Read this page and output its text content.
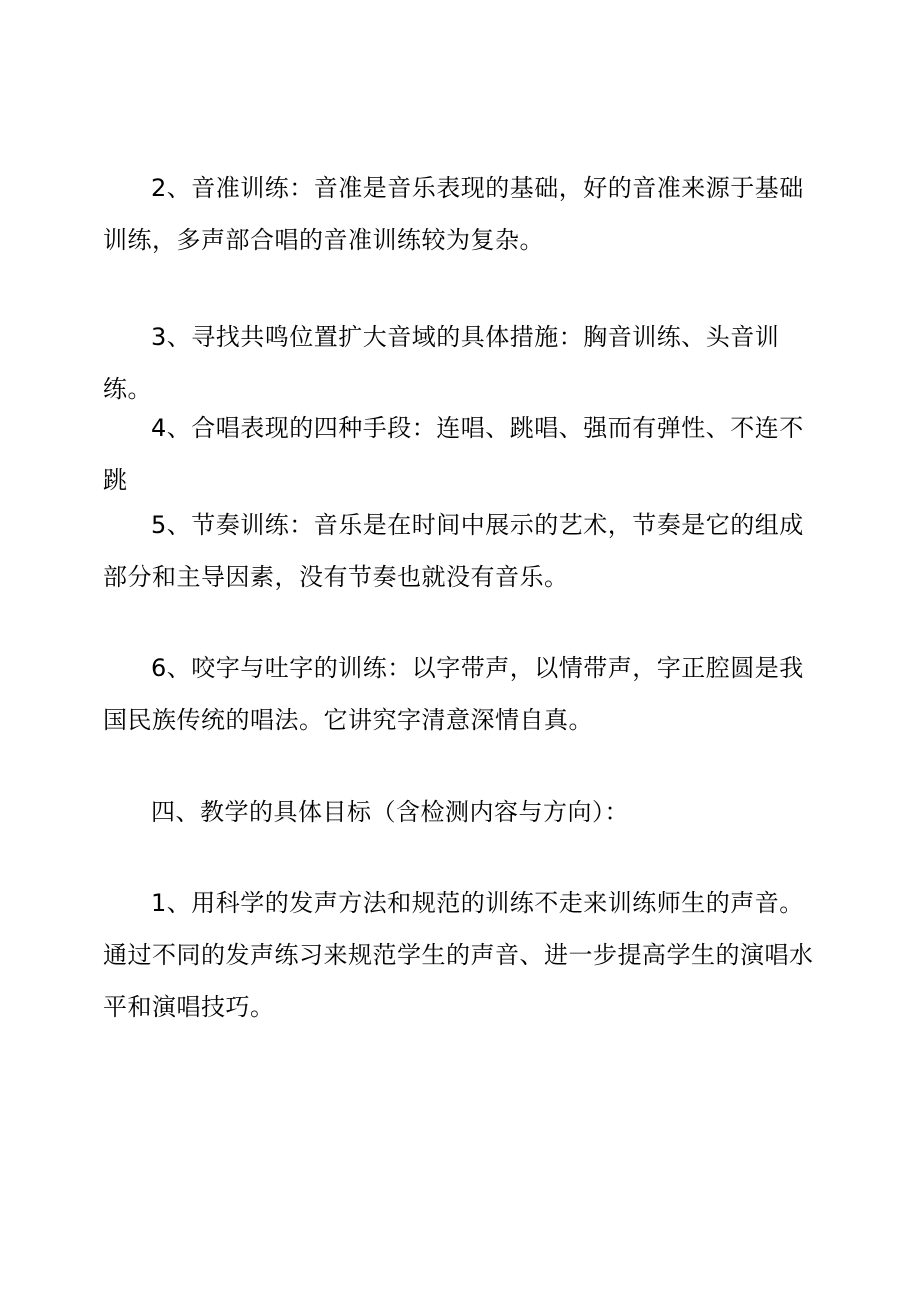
2、音准训练：音准是音乐表现的基础，好的音准来源于基础训练，多声部合唱的音准训练较为复杂。

3、寻找共鸣位置扩大音域的具体措施：胸音训练、头音训练。

4、合唱表现的四种手段：连唱、跳唱、强而有弹性、不连不跳

5、节奏训练：音乐是在时间中展示的艺术，节奏是它的组成部分和主导因素，没有节奏也就没有音乐。

6、咬字与吐字的训练：以字带声，以情带声，字正腔圆是我国民族传统的唱法。它讲究字清意深情自真。

四、教学的具体目标（含检测内容与方向）：

1、用科学的发声方法和规范的训练不走来训练师生的声音。通过不同的发声练习来规范学生的声音、进一步提高学生的演唱水平和演唱技巧。
